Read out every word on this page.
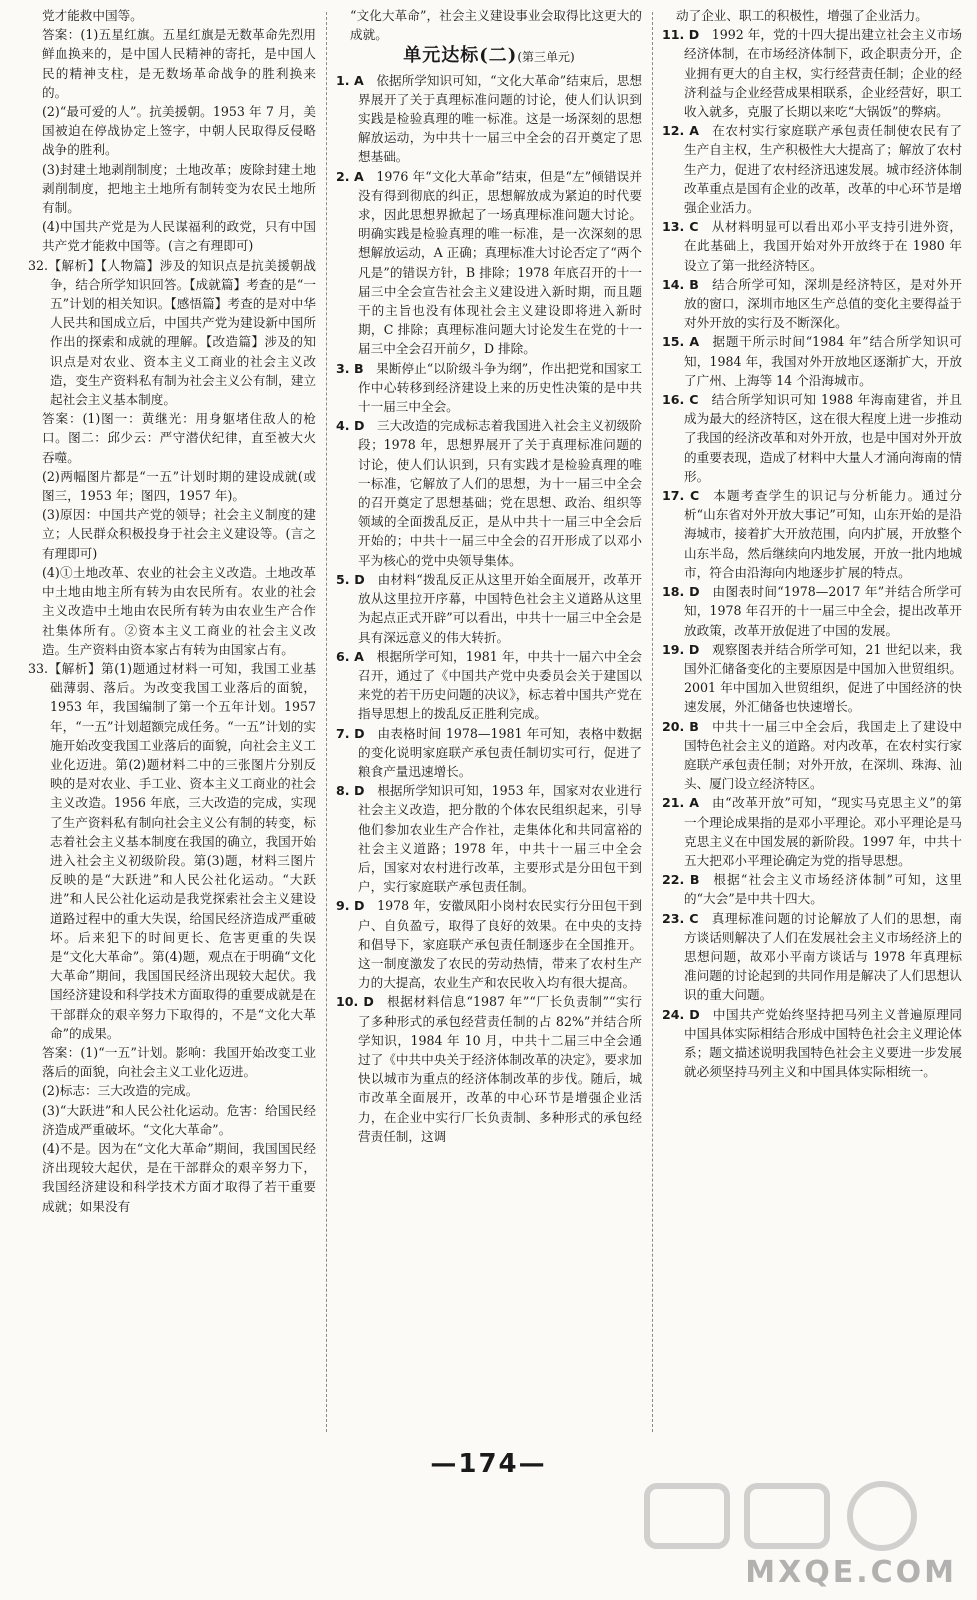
党才能救中国等。

答案：(1)五星红旗。五星红旗是无数革命先烈用鲜血换来的，是中国人民精神的寄托，是中国人民的精神支柱，是无数场革命战争的胜利换来的。

(2)“最可爱的人”。抗美援朝。1953 年 7 月，美国被迫在停战协定上签字，中朝人民取得反侵略战争的胜利。

(3)封建土地剥削制度；土地改革；废除封建土地剥削制度，把地主土地所有制转变为农民土地所有制。

(4)中国共产党是为人民谋福利的政党，只有中国共产党才能救中国等。(言之有理即可)

32.【解析】【人物篇】涉及的知识点是抗美援朝战争，结合所学知识回答。【成就篇】考查的是“一五”计划的相关知识。【感悟篇】考查的是对中华人民共和国成立后，中国共产党为建设新中国所作出的探索和成就的理解。【改造篇】涉及的知识点是对农业、资本主义工商业的社会主义改造，变生产资料私有制为社会主义公有制，建立起社会主义基本制度。

答案：(1)图一：黄继光：用身躯堵住敌人的枪口。图二：邱少云：严守潜伏纪律，直至被大火吞噬。

(2)两幅图片都是“一五”计划时期的建设成就(或图三，1953 年；图四，1957 年)。

(3)原因：中国共产党的领导；社会主义制度的建立；人民群众积极投身于社会主义建设等。(言之有理即可)

(4)①土地改革、农业的社会主义改造。土地改革中土地由地主所有转为由农民所有。农业的社会主义改造中土地由农民所有转为由农业生产合作社集体所有。②资本主义工商业的社会主义改造。生产资料由资本家占有转为由国家占有。

33.【解析】第(1)题通过材料一可知，我国工业基础薄弱、落后。为改变我国工业落后的面貌，1953 年，我国编制了第一个五年计划。1957 年，“一五”计划超额完成任务。“一五”计划的实施开始改变我国工业落后的面貌，向社会主义工业化迈进。第(2)题材料二中的三张图片分别反映的是对农业、手工业、资本主义工商业的社会主义改造。1956 年底，三大改造的完成，实现了生产资料私有制向社会主义公有制的转变，标志着社会主义基本制度在我国的确立，我国开始进入社会主义初级阶段。第(3)题，材料三图片反映的是“大跃进”和人民公社化运动。“大跃进”和人民公社化运动是我党探索社会主义建设道路过程中的重大失误，给国民经济造成严重破坏。后来犯下的时间更长、危害更重的失误是“文化大革命”。第(4)题，观点在于明确“文化大革命”期间，我国国民经济出现较大起伏。我国经济建设和科学技术方面取得的重要成就是在干部群众的艰辛努力下取得的，不是“文化大革命”的成果。

答案：(1)“一五”计划。影响：我国开始改变工业落后的面貌，向社会主义工业化迈进。

(2)标志：三大改造的完成。

(3)“大跃进”和人民公社化运动。危害：给国民经济造成严重破坏。“文化大革命”。

(4)不是。因为在“文化大革命”期间，我国国民经济出现较大起伏，是在干部群众的艰辛努力下，我国经济建设和科学技术方面才取得了若干重要成就；如果没有

“文化大革命”，社会主义建设事业会取得比这更大的成就。

单元达标(二)(第三单元)

1. A  依据所学知识可知，“文化大革命”结束后，思想界展开了关于真理标准问题的讨论，使人们认识到实践是检验真理的唯一标准。这是一场深刻的思想解放运动，为中共十一届三中全会的召开奠定了思想基础。

2. A  1976 年“文化大革命”结束，但是“左”倾错误并没有得到彻底的纠正，思想解放成为紧迫的时代要求，因此思想界掀起了一场真理标准问题大讨论。明确实践是检验真理的唯一标准，是一次深刻的思想解放运动，A 正确；真理标准大讨论否定了“两个凡是”的错误方针，B 排除；1978 年底召开的十一届三中全会宣告社会主义建设进入新时期，而且题干的主旨也没有体现社会主义建设即将进入新时期，C 排除；真理标准问题大讨论发生在党的十一届三中全会召开前夕，D 排除。

3. B  果断停止“以阶级斗争为纲”，作出把党和国家工作中心转移到经济建设上来的历史性决策的是中共十一届三中全会。

4. D  三大改造的完成标志着我国进入社会主义初级阶段；1978 年，思想界展开了关于真理标准问题的讨论，使人们认识到，只有实践才是检验真理的唯一标准，它解放了人们的思想，为十一届三中全会的召开奠定了思想基础；党在思想、政治、组织等领域的全面拨乱反正，是从中共十一届三中全会后开始的；中共十一届三中全会的召开形成了以邓小平为核心的党中央领导集体。

5. D  由材料“拨乱反正从这里开始全面展开，改革开放从这里拉开序幕，中国特色社会主义道路从这里为起点正式开辟”可以看出，中共十一届三中全会是具有深远意义的伟大转折。

6. A  根据所学可知，1981 年，中共十一届六中全会召开，通过了《中国共产党中央委员会关于建国以来党的若干历史问题的决议》，标志着中国共产党在指导思想上的拨乱反正胜利完成。

7. D  由表格时间 1978—1981 年可知，表格中数据的变化说明家庭联产承包责任制切实可行，促进了粮食产量迅速增长。

8. D  根据所学知识可知，1953 年，国家对农业进行社会主义改造，把分散的个体农民组织起来，引导他们参加农业生产合作社，走集体化和共同富裕的社会主义道路；1978 年，中共十一届三中全会后，国家对农村进行改革，主要形式是分田包干到户，实行家庭联产承包责任制。

9. D  1978 年，安徽凤阳小岗村农民实行分田包干到户、自负盈亏，取得了良好的效果。在中央的支持和倡导下，家庭联产承包责任制逐步在全国推开。这一制度激发了农民的劳动热情，带来了农村生产力的大提高，农业生产和农民收入均有很大提高。

10. D  根据材料信息“1987 年”“厂长负责制”“实行了多种形式的承包经营责任制的占 82%”并结合所学知识，1984 年 10 月，中共十二届三中全会通过了《中共中央关于经济体制改革的决定》，要求加快以城市为重点的经济体制改革的步伐。随后，城市改革全面展开，改革的中心环节是增强企业活力，在企业中实行厂长负责制、多种形式的承包经营责任制，这调

动了企业、职工的积极性，增强了企业活力。

11. D  1992 年，党的十四大提出建立社会主义市场经济体制，在市场经济体制下，政企职责分开，企业拥有更大的自主权，实行经营责任制；企业的经济利益与企业经营成果相联系，企业经营好，职工收入就多，克服了长期以来吃“大锅饭”的弊病。

12. A  在农村实行家庭联产承包责任制使农民有了生产自主权，生产积极性大大提高了；解放了农村生产力，促进了农村经济迅速发展。城市经济体制改革重点是国有企业的改革，改革的中心环节是增强企业活力。

13. C  从材料明显可以看出邓小平支持引进外资，在此基础上，我国开始对外开放终于在 1980 年设立了第一批经济特区。

14. B  结合所学可知，深圳是经济特区，是对外开放的窗口，深圳市地区生产总值的变化主要得益于对外开放的实行及不断深化。

15. A  据题干所示时间“1984 年”结合所学知识可知，1984 年，我国对外开放地区逐渐扩大，开放了广州、上海等 14 个沿海城市。

16. C  结合所学知识可知 1988 年海南建省，并且成为最大的经济特区，这在很大程度上进一步推动了我国的经济改革和对外开放，也是中国对外开放的重要表现，造成了材料中大量人才涌向海南的情形。

17. C  本题考查学生的识记与分析能力。通过分析“山东省对外开放大事记”可知，山东开始的是沿海城市，接着扩大开放范围，向内扩展，开放整个山东半岛，然后继续向内地发展，开放一批内地城市，符合由沿海向内地逐步扩展的特点。

18. D  由图表时间“1978—2017 年”并结合所学可知，1978 年召开的十一届三中全会，提出改革开放政策，改革开放促进了中国的发展。

19. D  观察图表并结合所学可知，21 世纪以来，我国外汇储备变化的主要原因是中国加入世贸组织。2001 年中国加入世贸组织，促进了中国经济的快速发展，外汇储备也快速增长。

20. B  中共十一届三中全会后，我国走上了建设中国特色社会主义的道路。对内改革，在农村实行家庭联产承包责任制；对外开放，在深圳、珠海、汕头、厦门设立经济特区。

21. A  由“改革开放”可知，“现实马克思主义”的第一个理论成果指的是邓小平理论。邓小平理论是马克思主义在中国发展的新阶段。1997 年，中共十五大把邓小平理论确定为党的指导思想。

22. B  根据“社会主义市场经济体制”可知，这里的“大会”是中共十四大。

23. C  真理标准问题的讨论解放了人们的思想，南方谈话则解决了人们在发展社会主义市场经济上的思想问题，故邓小平南方谈话与 1978 年真理标准问题的讨论起到的共同作用是解决了人们思想认识的重大问题。

24. D  中国共产党始终坚持把马列主义普遍原理同中国具体实际相结合形成中国特色社会主义理论体系；题文描述说明我国特色社会主义要进一步发展就必须坚持马列主义和中国具体实际相统一。

—174—
MXQE.COM
